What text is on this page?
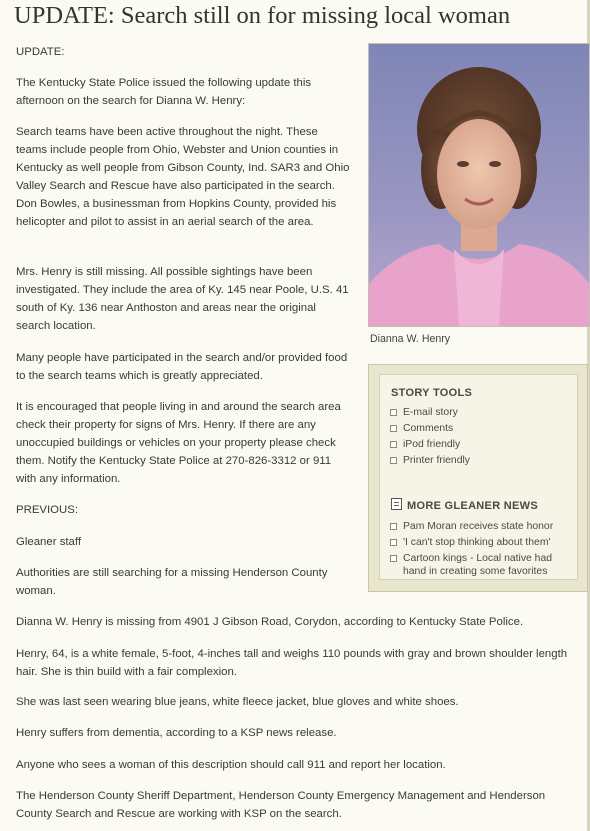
UPDATE: Search still on for missing local woman

UPDATE:

The Kentucky State Police issued the following update this afternoon on the search for Dianna W. Henry:

Search teams have been active throughout the night. These teams include people from Ohio, Webster and Union counties in Kentucky as well people from Gibson County, Ind. SAR3 and Ohio Valley Search and Rescue have also participated in the search. Don Bowles, a businessman from Hopkins County, provided his helicopter and pilot to assist in an aerial search of the area.

Mrs. Henry is still missing. All possible sightings have been investigated. They include the area of Ky. 145 near Poole, U.S. 41 south of Ky. 136 near Anthoston and areas near the original search location.

Many people have participated in the search and/or provided food to the search teams which is greatly appreciated.

It is encouraged that people living in and around the search area check their property for signs of Mrs. Henry. If there are any unoccupied buildings or vehicles on your property please check them. Notify the Kentucky State Police at 270-826-3312 or 911 with any information.

PREVIOUS:

Gleaner staff

Authorities are still searching for a missing Henderson County woman.

Dianna W. Henry is missing from 4901 J Gibson Road, Corydon, according to Kentucky State Police.

Henry, 64, is a white female, 5-foot, 4-inches tall and weighs 110 pounds with gray and brown shoulder length hair. She is thin build with a fair complexion.

She was last seen wearing blue jeans, white fleece jacket, blue gloves and white shoes.

Henry suffers from dementia, according to a KSP news release.

Anyone who sees a woman of this description should call 911 and report her location.

The Henderson County Sheriff Department, Henderson County Emergency Management and Henderson County Search and Rescue are working with KSP on the search.

Dianna W. Henry
STORY TOOLS
E-mail story
Comments
iPod friendly
Printer friendly
MORE GLEANER NEWS
Pam Moran receives state honor
'I can't stop thinking about them'
Cartoon kings - Local native had hand in creating some favorites
